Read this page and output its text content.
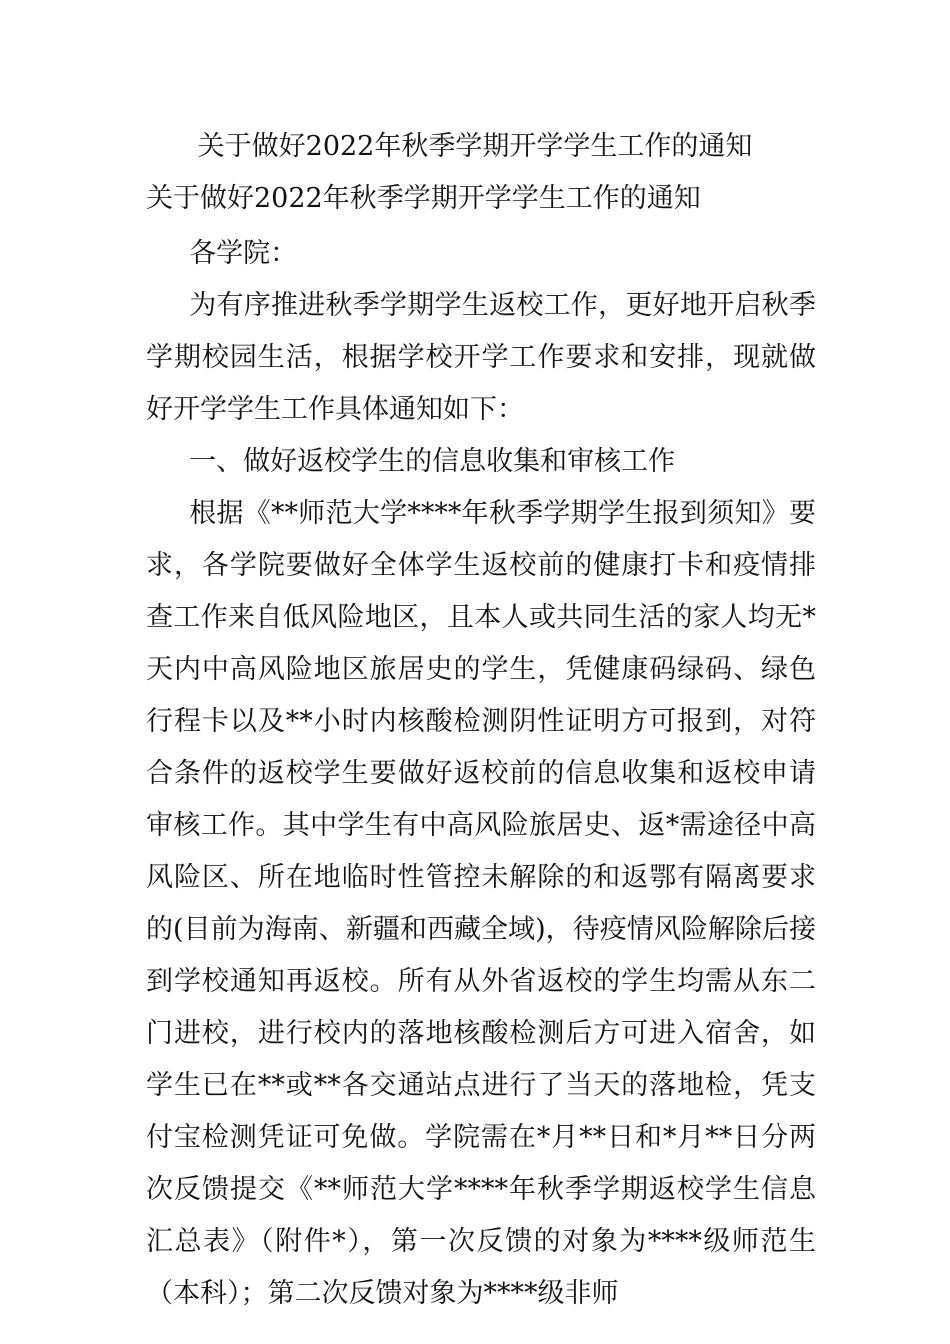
关于做好2022年秋季学期开学学生工作的通知
关于做好2022年秋季学期开学学生工作的通知

各学院：

为有序推进秋季学期学生返校工作，更好地开启秋季学期校园生活，根据学校开学工作要求和安排，现就做好开学学生工作具体通知如下：

一、做好返校学生的信息收集和审核工作

根据《**师范大学****年秋季学期学生报到须知》要求，各学院要做好全体学生返校前的健康打卡和疫情排查工作来自低风险地区，且本人或共同生活的家人均无*天内中高风险地区旅居史的学生，凭健康码绿码、绿色行程卡以及**小时内核酸检测阴性证明方可报到，对符合条件的返校学生要做好返校前的信息收集和返校申请审核工作。其中学生有中高风险旅居史、返*需途径中高风险区、所在地临时性管控未解除的和返鄂有隔离要求的(目前为海南、新疆和西藏全域)，待疫情风险解除后接到学校通知再返校。所有从外省返校的学生均需从东二门进校，进行校内的落地核酸检测后方可进入宿舍，如学生已在**或**各交通站点进行了当天的落地检，凭支付宝检测凭证可免做。学院需在*月**日和*月**日分两次反馈提交《**师范大学****年秋季学期返校学生信息汇总表》（附件*），第一次反馈的对象为****级师范生（本科）；第二次反馈对象为****级非师
